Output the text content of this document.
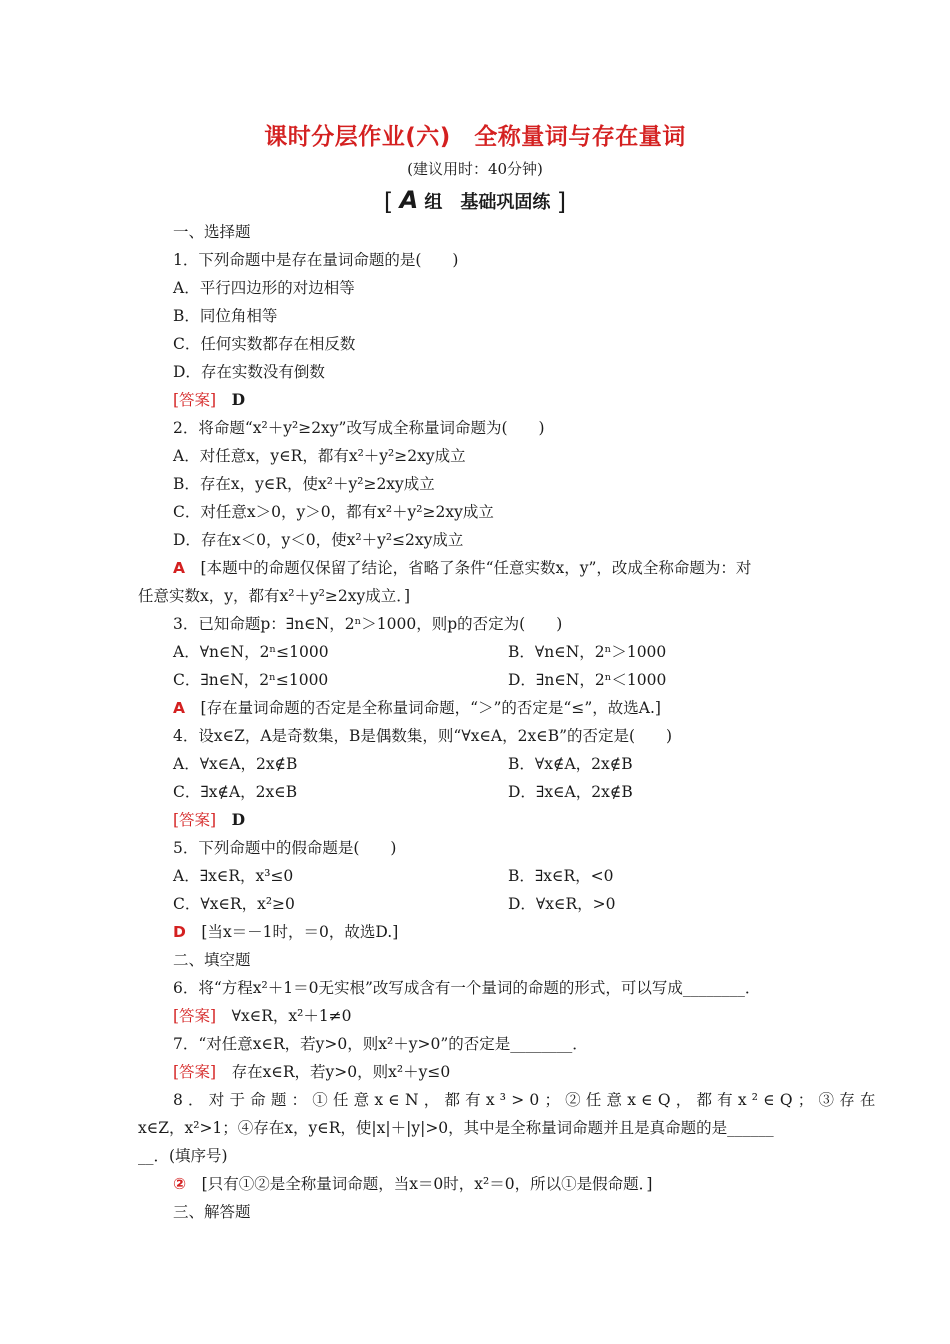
课时分层作业(六)　全称量词与存在量词
(建议用时：40分钟)
[ A 组　基础巩固练 ]
一、选择题
1．下列命题中是存在量词命题的是(　　)
A．平行四边形的对边相等
B．同位角相等
C．任何实数都存在相反数
D．存在实数没有倒数
[答案]　 D
2．将命题“x²＋y²≥2xy”改写成全称量词命题为(　　)
A．对任意x，y∈R，都有x²＋y²≥2xy成立
B．存在x，y∈R，使x²＋y²≥2xy成立
C．对任意x＞0，y＞0，都有x²＋y²≥2xy成立
D．存在x＜0，y＜0，使x²＋y²≤2xy成立
A　 [本题中的命题仅保留了结论，省略了条件“任意实数x，y”，改成全称命题为：对
任意实数x，y，都有x²＋y²≥2xy成立．]
3．已知命题p：∃n∈N，2ⁿ＞1000，则p的否定为(　　)
A．∀n∈N，2ⁿ≤1000	B．∀n∈N，2ⁿ＞1000
C．∃n∈N，2ⁿ≤1000	D．∃n∈N，2ⁿ＜1000
A　 [存在量词命题的否定是全称量词命题，“＞”的否定是“≤”，故选A.]
4．设x∈Z，A是奇数集，B是偶数集，则“∀x∈A，2x∈B”的否定是(　　)
A．∀x∈A，2x∉B	B．∀x∉A，2x∉B
C．∃x∉A，2x∈B	D．∃x∈A，2x∉B
[答案]　 D
5．下列命题中的假命题是(　　)
A．∃x∈R，x³≤0	B．∃x∈R，<0
C．∀x∈R，x²≥0	D．∀x∈R，>0
D　 [当x＝－1时，＝0，故选D.]
二、填空题
6．将“方程x²＋1＝0无实根”改写成含有一个量词的命题的形式，可以写成________．
[答案]　 ∀x∈R，x²＋1≠0
7．“对任意x∈R，若y>0，则x²＋y>0”的否定是________．
[答案]　 存在x∈R，若y>0，则x²＋y≤0
8．对于命题：①任意x∈N，都有x³>0；②任意x∈Q，都有x²∈Q；③存在
x∈Z，x²>1；④存在x，y∈R，使|x|＋|y|>0，其中是全称量词命题并且是真命题的是______
__．(填序号)
②　 [只有①②是全称量词命题，当x＝0时，x²＝0，所以①是假命题．]
三、解答题
